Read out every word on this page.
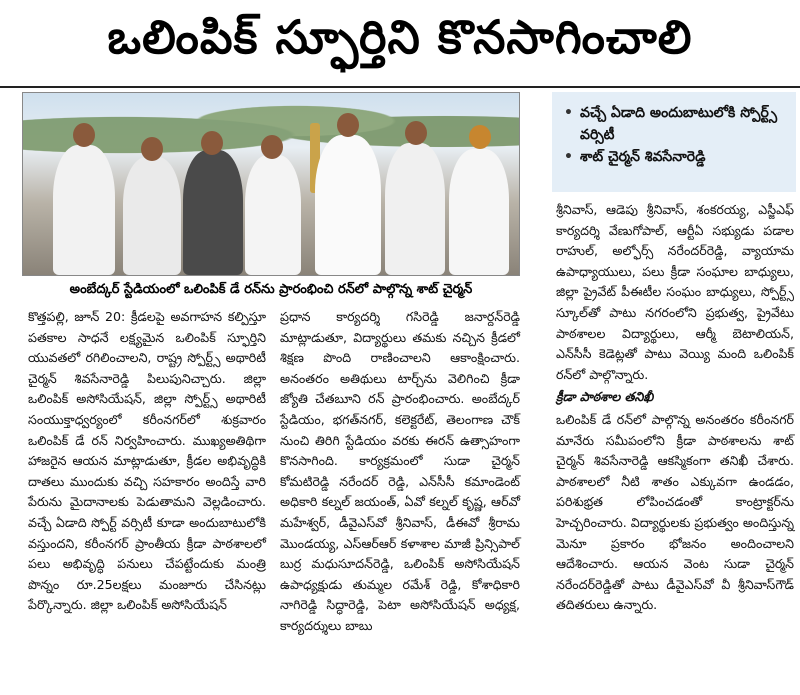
ఒలింపిక్ స్ఫూర్తిని కొనసాగించాలి
అంబేద్కర్ స్టేడియంలో ఒలింపిక్ డే రన్‌ను ప్రారంభించి రన్‌లో పాల్గొన్న శాట్ చైర్మన్
• వచ్చే ఏడాది అందుబాటులోకి స్పోర్ట్స్ వర్సిటీ
• శాట్ చైర్మన్ శివసేనారెడ్డి

కొత్తపల్లి, జూన్ 20: క్రీడలపై అవగాహన కల్పిస్తూ పతకాల సాధనే లక్ష్యమైన ఒలింపిక్ స్ఫూర్తిని యువతలో రగిలించాలని, రాష్ట్ర స్పోర్ట్స్ అథారిటీ చైర్మన్ శివసేనారెడ్డి పిలుపునిచ్చారు. జిల్లా ఒలింపిక్ అసోసియేషన్, జిల్లా స్పోర్ట్స్ అథారిటీ సంయుక్తాధ్వర్యంలో కరీంనగర్‌లో శుక్రవారం ఒలింపిక్ డే రన్ నిర్వహించారు. ముఖ్యఅతిథిగా హాజరైన ఆయన మాట్లాడుతూ, క్రీడల అభివృద్ధికి దాతలు ముందుకు వచ్చి సహకారం అందిస్తే వారి పేరును మైదానాలకు పెడుతామని వెల్లడించారు. వచ్చే ఏడాది స్పోర్ట్ వర్సిటీ కూడా అందుబాటులోకి వస్తుందని, కరీంనగర్ ప్రాంతీయ క్రీడా పాఠశాలలో పలు అభివృద్ధి పనులు చేపట్టేందుకు మంత్రి పొన్నం రూ.25లక్షలు మంజూరు చేసినట్లు పేర్కొన్నారు. జిల్లా ఒలింపిక్ అసోసియేషన్

ప్రధాన కార్యదర్శి గసిరెడ్డి జనార్దన్‌రెడ్డి మాట్లాడుతూ, విద్యార్థులు తమకు నచ్చిన క్రీడలో శిక్షణ పొంది రాణించాలని ఆకాంక్షించారు. అనంతరం అతిథులు టార్చ్‌ను వెలిగించి క్రీడా జ్యోతి చేతబూని రన్ ప్రారంభించారు. అంబేద్కర్ స్టేడియం, భగత్‌నగర్, కలెక్టరేట్, తెలంగాణ చౌక్ నుంచి తిరిగి స్టేడియం వరకు ఈరన్ ఉత్సాహంగా కొనసాగింది. కార్యక్రమంలో సుడా చైర్మన్ కోమటిరెడ్డి నరేందర్ రెడ్డి, ఎన్‌సీసీ కమాండెంట్ అధికారి కల్నల్ జయంత్, ఏవో కల్నల్ కృష్ణ, ఆర్‌వో మహేశ్వర్, డీవైఎస్‌వో శ్రీనివాస్, డీఈవో శ్రీరామ మొండయ్య, ఎస్‌ఆర్‌ఆర్ కళాశాల మాజీ ప్రిన్సిపాల్ బుర్ర మధుసూదన్‌రెడ్డి, ఒలింపిక్ అసోసియేషన్ ఉపాధ్యక్షుడు తుమ్మల రమేశ్ రెడ్డి, కోశాధికారి నాగిరెడ్డి సిద్ధారెడ్డి, పెటా అసోసియేషన్ అధ్యక్ష, కార్యదర్శులు బాబు

శ్రీనివాస్, ఆడెపు శ్రీనివాస్, శంకరయ్య, ఎస్జీఎఫ్ కార్యదర్శి వేణుగోపాల్, ఆర్టీఏ సభ్యుడు పడాల రాహుల్, అల్ఫోర్స్ నరేందర్‌రెడ్డి, వ్యాయామ ఉపాధ్యాయులు, పలు క్రీడా సంఘాల బాధ్యులు, జిల్లా ప్రైవేట్ పీఈటీల సంఘం బాధ్యులు, స్పోర్ట్స్ స్కూల్‌తో పాటు నగరంలోని ప్రభుత్వ, ప్రైవేటు పాఠశాలల విద్యార్థులు, ఆర్మీ బెటాలియన్, ఎన్‌సీసీ కెడెట్లతో పాటు వెయ్యి మంది ఒలింపిక్ రన్‌లో పాల్గొన్నారు.

క్రీడా పాఠశాల తనిఖీ

ఒలింపిక్ డే రన్‌లో పాల్గొన్న అనంతరం కరీంనగర్ మానేరు సమీపంలోని క్రీడా పాఠశాలను శాట్ చైర్మన్ శివసేనారెడ్డి ఆకస్మికంగా తనిఖీ చేశారు. పాఠశాలలో నీటి శాతం ఎక్కువగా ఉండడం, పరిశుభ్రత లోపించడంతో కాంట్రాక్టర్‌ను హెచ్చరించారు. విద్యార్థులకు ప్రభుత్వం అందిస్తున్న మెనూ ప్రకారం భోజనం అందించాలని ఆదేశించారు. ఆయన వెంట సుడా చైర్మన్ నరేందర్‌రెడ్డితో పాటు డీవైఎస్‌వో వీ శ్రీనివాస్‌గౌడ్ తదితరులు ఉన్నారు.
